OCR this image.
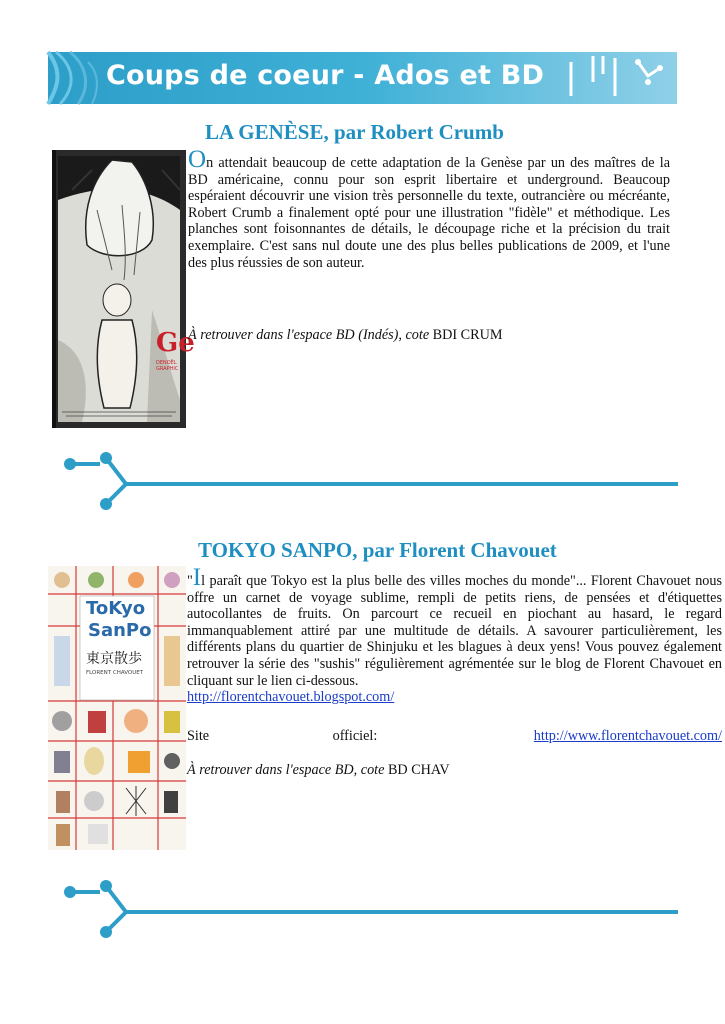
Coups de coeur - Ados et BD
LA GENÈSE, par Robert Crumb
Ge
DENOËL GRAPHIC

On attendait beaucoup de cette adaptation de la Genèse par un des maîtres de la BD américaine, connu pour son esprit libertaire et underground. Beaucoup espéraient découvrir une vision très personnelle du texte, outrancière ou mécréante, Robert Crumb a finalement opté pour une illustration "fidèle" et méthodique. Les planches sont foisonnantes de détails, le découpage riche et la précision du trait exemplaire. C'est sans nul doute une des plus belles publications de 2009, et l'une des plus réussies de son auteur.

À retrouver dans l'espace BD (Indés), cote BDI CRUM
TOKYO SANPO, par Florent Chavouet
ToKyo
SanPo
東京散歩
FLORENT CHAVOUET

"Il paraît que Tokyo est la plus belle des villes moches du monde"... Florent Chavouet nous offre un carnet de voyage sublime, rempli de petits riens, de pensées et d'étiquettes autocollantes de fruits. On parcourt ce recueil en piochant au hasard, le regard immanquablement attiré par une multitude de détails. A savourer particulièrement, les différents plans du quartier de Shinjuku et les blagues à deux yens! Vous pouvez également retrouver la série des "sushis" régulièrement agrémentée sur le blog de Florent Chavouet en cliquant sur le lien ci-dessous.

http://florentchavouet.blogspot.com/

Site officiel:	http://www.florentchavouet.com/
À retrouver dans l'espace BD, cote BD CHAV
